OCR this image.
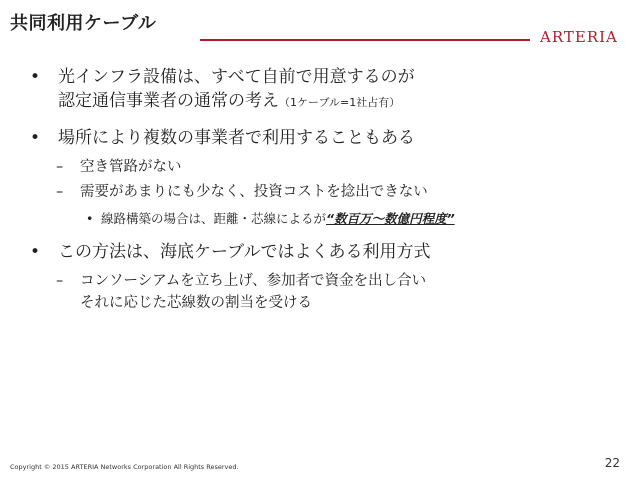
共同利用ケーブル
ARTERIA
• 光インフラ設備は、すべて自前で用意するのが
認定通信事業者の通常の考え（1ケーブル=1社占有）
• 場所により複数の事業者で利用することもある
– 空き管路がない
– 需要があまりにも少なく、投資コストを捻出できない
• 線路構築の場合は、距離・芯線によるが“数百万～数億円程度”
• この方法は、海底ケーブルではよくある利用方式
– コンソーシアムを立ち上げ、参加者で資金を出し合い
それに応じた芯線数の割当を受ける
Copyright © 2015 ARTERIA Networks Corporation All Rights Reserved.	22
